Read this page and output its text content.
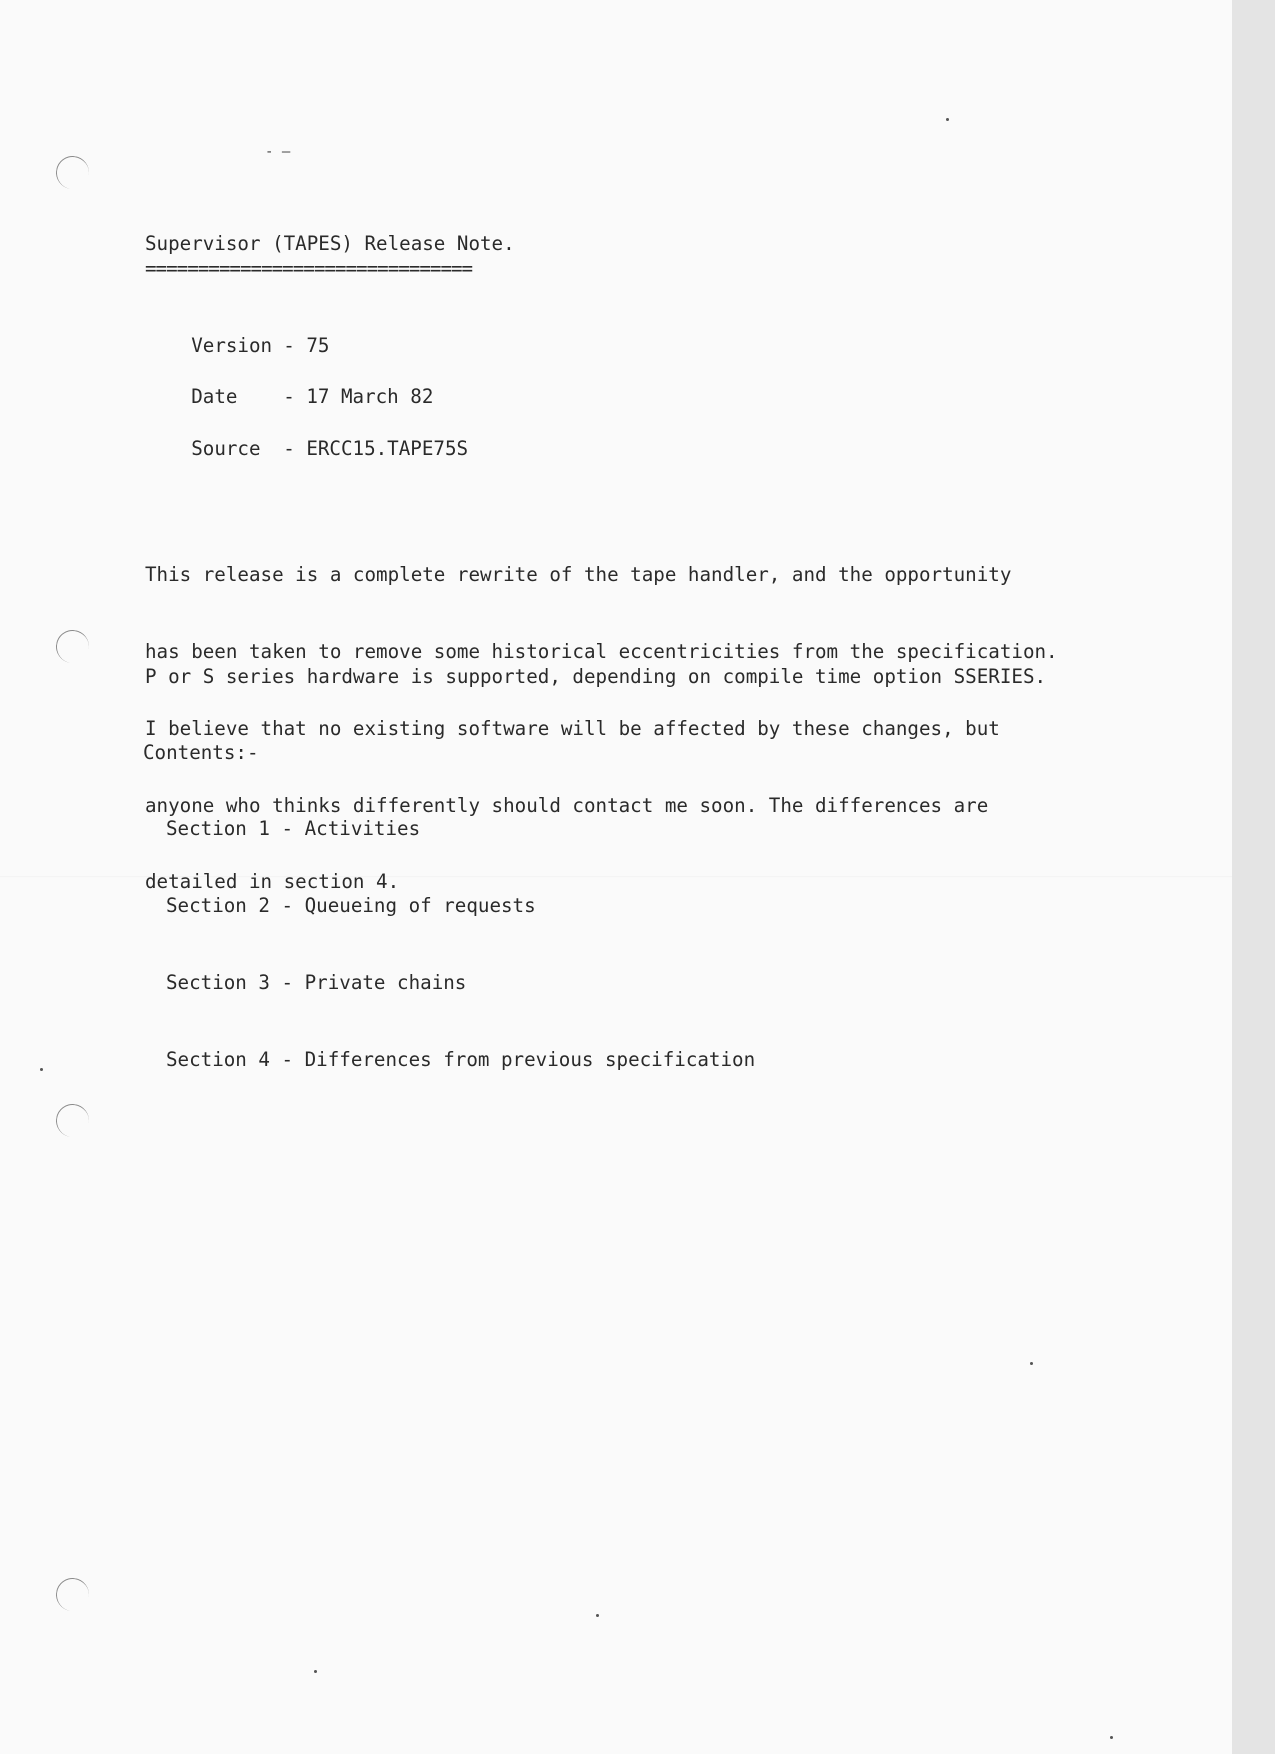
- —
Supervisor (TAPES) Release Note.
===============================

Version - 75

Date - 17 March 82

Source - ERCC15.TAPE75S

This release is a complete rewrite of the tape handler, and the opportunity

has been taken to remove some historical eccentricities from the specification.

I believe that no existing software will be affected by these changes, but

anyone who thinks differently should contact me soon. The differences are

detailed in section 4.

P or S series hardware is supported, depending on compile time option SSERIES.
Contents:-

Section 1 - Activities

Section 2 - Queueing of requests

Section 3 - Private chains

Section 4 - Differences from previous specification
